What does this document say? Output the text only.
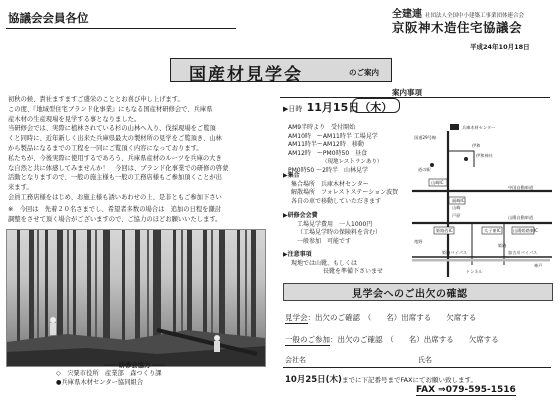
協議会会員各位	全建連 社団法人全国中小建築工事業団体連合会
京阪神木造住宅協議会
平成24年10月18日
国産材見学会	のご案内

初秋の候、貴社ますますご盛栄のこととお喜び申し上げます。

この度、『地域型住宅ブランド化事業』にもなる国産材研修会で、兵庫県

産木材の生産現場を見学する事となりました。

当研修会では、実際に植林されている杉の山林へ入り、伐採現場をご覧頂

くと同時に、近年新しく出来た兵庫県最大の製材所の見学をご覧頂き、山林

から製品になるまでの工程を一同にご覧頂く内容になっております。

私たちが、今後実際に使用するであろう、兵庫県産材のルーツを兵庫の大き

な自然と共に体感してみませんか！　今回は、ブランド化事業での研修の啓蒙

活動となりますので、一般の施主様も一般の工務店様もご参加頂くことが出

来ます。

会員工務店様をはじめ、お施主様も誘いあわせの上、是非ともご参加下さい

※　今回は　先着２０名さまでし、希望者多数の場合は　追加の日程を鎌討
調整をさせて頂く場合がございますので、ご協力のほどお願いいたします。
―― 研修会協力 ――
◇　宍粟市役所　産業部　森つくり課
●兵庫県木材センター協同組合
案内事項
▶日時 11月15日（木）
AM9半時より　受付開始
AM10時　ーAM11時半 工場見学
AM11時半ーAM12時　移動
AM12時　ーPM0時50　昼食
（現地レストランあり）
PM0時50 ～2時半　山林見学
▶集合
集合場所　兵庫木材センター
解散場所　フォレストステーション波賀
各自の車で移動していただきます
▶研修会会費
工場見学費用　一人1000円
（工場見学時の保険料を含む）
一般参加　可能です
▶注意事項
現地では山靴、もしくは
長靴を準備下さいませ
兵庫木材センター
伊和
伊和神社
道の駅
中国自動車道
山崎IC
山崎
戸原
福崎IC
山陽自動車道
姫路西IC	山陽姫路東IC
太子東IC
竜野
トンネル
姫路
姫路バイパス	加古川バイパス
神戸
国道29号線
見学会へのご出欠の確認
見学会：出欠のご確認　（　　名）出席する　　欠席する
一般のご参加：出欠のご確認　（　　名）出席する　　欠席する
会社名	氏名
10月25日(木)までに下記番号までFAXにてお願い致します。
FAX ⇒079-595-1516
